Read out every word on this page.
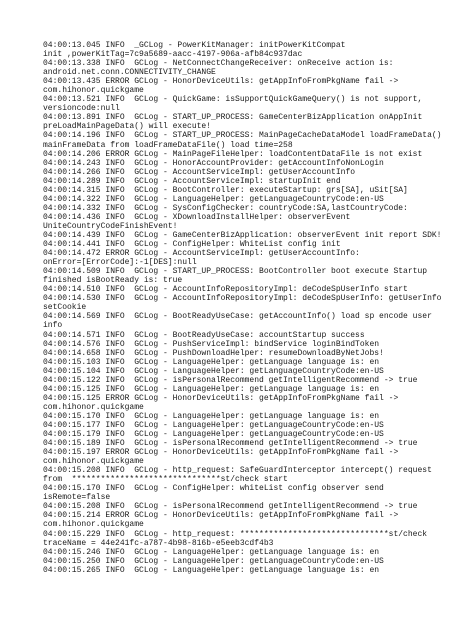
04:00:13.045 INFO  _GCLog - PowerKitManager: initPowerKitCompat
init ,powerKitTag=7c9a5689-aacc-4197-906a-afb84c937dac
04:00:13.338 INFO  GCLog - NetConnectChangeReceiver: onReceive action is:
android.net.conn.CONNECTIVITY_CHANGE
04:00:13.435 ERROR GCLog - HonorDeviceUtils: getAppInfoFromPkgName fail ->
com.hihonor.quickgame
04:00:13.521 INFO  GCLog - QuickGame: isSupportQuickGameQuery() is not support,
versioncode:null
04:00:13.891 INFO  GCLog - START_UP_PROCESS: GameCenterBizApplication onAppInit
preLoadMainPageData() will execute!
04:00:14.196 INFO  GCLog - START_UP_PROCESS: MainPageCacheDataModel loadFrameData()
mainFrameData from loadFrameDataFile() load time=258
04:00:14.206 ERROR GCLog - MainPageFileHelper: loadContentDataFile is not exist
04:00:14.243 INFO  GCLog - HonorAccountProvider: getAccountInfoNonLogin
04:00:14.266 INFO  GCLog - AccountServiceImpl: getUserAccountInfo
04:00:14.289 INFO  GCLog - AccountServiceImpl: startupInit end
04:00:14.315 INFO  GCLog - BootController: executeStartup: grs[SA], uSit[SA]
04:00:14.322 INFO  GCLog - LanguageHelper: getLanguageCountryCode:en-US
04:00:14.332 INFO  GCLog - SysConfigChecker: countryCode:SA,lastCountryCode:
04:00:14.436 INFO  GCLog - XDownloadInstallHelper: observerEvent
UniteCountryCodeFinishEvent!
04:00:14.439 INFO  GCLog - GameCenterBizApplication: observerEvent init report SDK!
04:00:14.441 INFO  GCLog - ConfigHelper: WhiteList config init
04:00:14.472 ERROR GCLog - AccountServiceImpl: getUserAccountInfo:
onError=[ErrorCode]:-1[DES]:null
04:00:14.509 INFO  GCLog - START_UP_PROCESS: BootController boot execute Startup
finished isBootReady is: true
04:00:14.510 INFO  GCLog - AccountInfoRepositoryImpl: deCodeSpUserInfo start
04:00:14.530 INFO  GCLog - AccountInfoRepositoryImpl: deCodeSpUserInfo: getUserInfo
setCookie
04:00:14.569 INFO  GCLog - BootReadyUseCase: getAccountInfo() load sp encode user
info
04:00:14.571 INFO  GCLog - BootReadyUseCase: accountStartup success
04:00:14.576 INFO  GCLog - PushServiceImpl: bindService loginBindToken
04:00:14.658 INFO  GCLog - PushDownloadHelper: resumeDownloadByNetJobs!
04:00:15.103 INFO  GCLog - LanguageHelper: getLanguage language is: en
04:00:15.104 INFO  GCLog - LanguageHelper: getLanguageCountryCode:en-US
04:00:15.122 INFO  GCLog - isPersonalRecommend getIntelligentRecommend -> true
04:00:15.125 INFO  GCLog - LanguageHelper: getLanguage language is: en
04:00:15.125 ERROR GCLog - HonorDeviceUtils: getAppInfoFromPkgName fail ->
com.hihonor.quickgame
04:00:15.170 INFO  GCLog - LanguageHelper: getLanguage language is: en
04:00:15.177 INFO  GCLog - LanguageHelper: getLanguageCountryCode:en-US
04:00:15.179 INFO  GCLog - LanguageHelper: getLanguageCountryCode:en-US
04:00:15.189 INFO  GCLog - isPersonalRecommend getIntelligentRecommend -> true
04:00:15.197 ERROR GCLog - HonorDeviceUtils: getAppInfoFromPkgName fail ->
com.hihonor.quickgame
04:00:15.208 INFO  GCLog - http_request: SafeGuardInterceptor intercept() request
from  *******************************st/check start
04:00:15.170 INFO  GCLog - ConfigHelper: whiteList config observer send
isRemote=false
04:00:15.208 INFO  GCLog - isPersonalRecommend getIntelligentRecommend -> true
04:00:15.214 ERROR GCLog - HonorDeviceUtils: getAppInfoFromPkgName fail ->
com.hihonor.quickgame
04:00:15.229 INFO  GCLog - http_request: *******************************st/check
traceName = 44e241fc-a787-4b98-816b-e5eeb3cdf4b3
04:00:15.246 INFO  GCLog - LanguageHelper: getLanguage language is: en
04:00:15.250 INFO  GCLog - LanguageHelper: getLanguageCountryCode:en-US
04:00:15.265 INFO  GCLog - LanguageHelper: getLanguage language is: en
